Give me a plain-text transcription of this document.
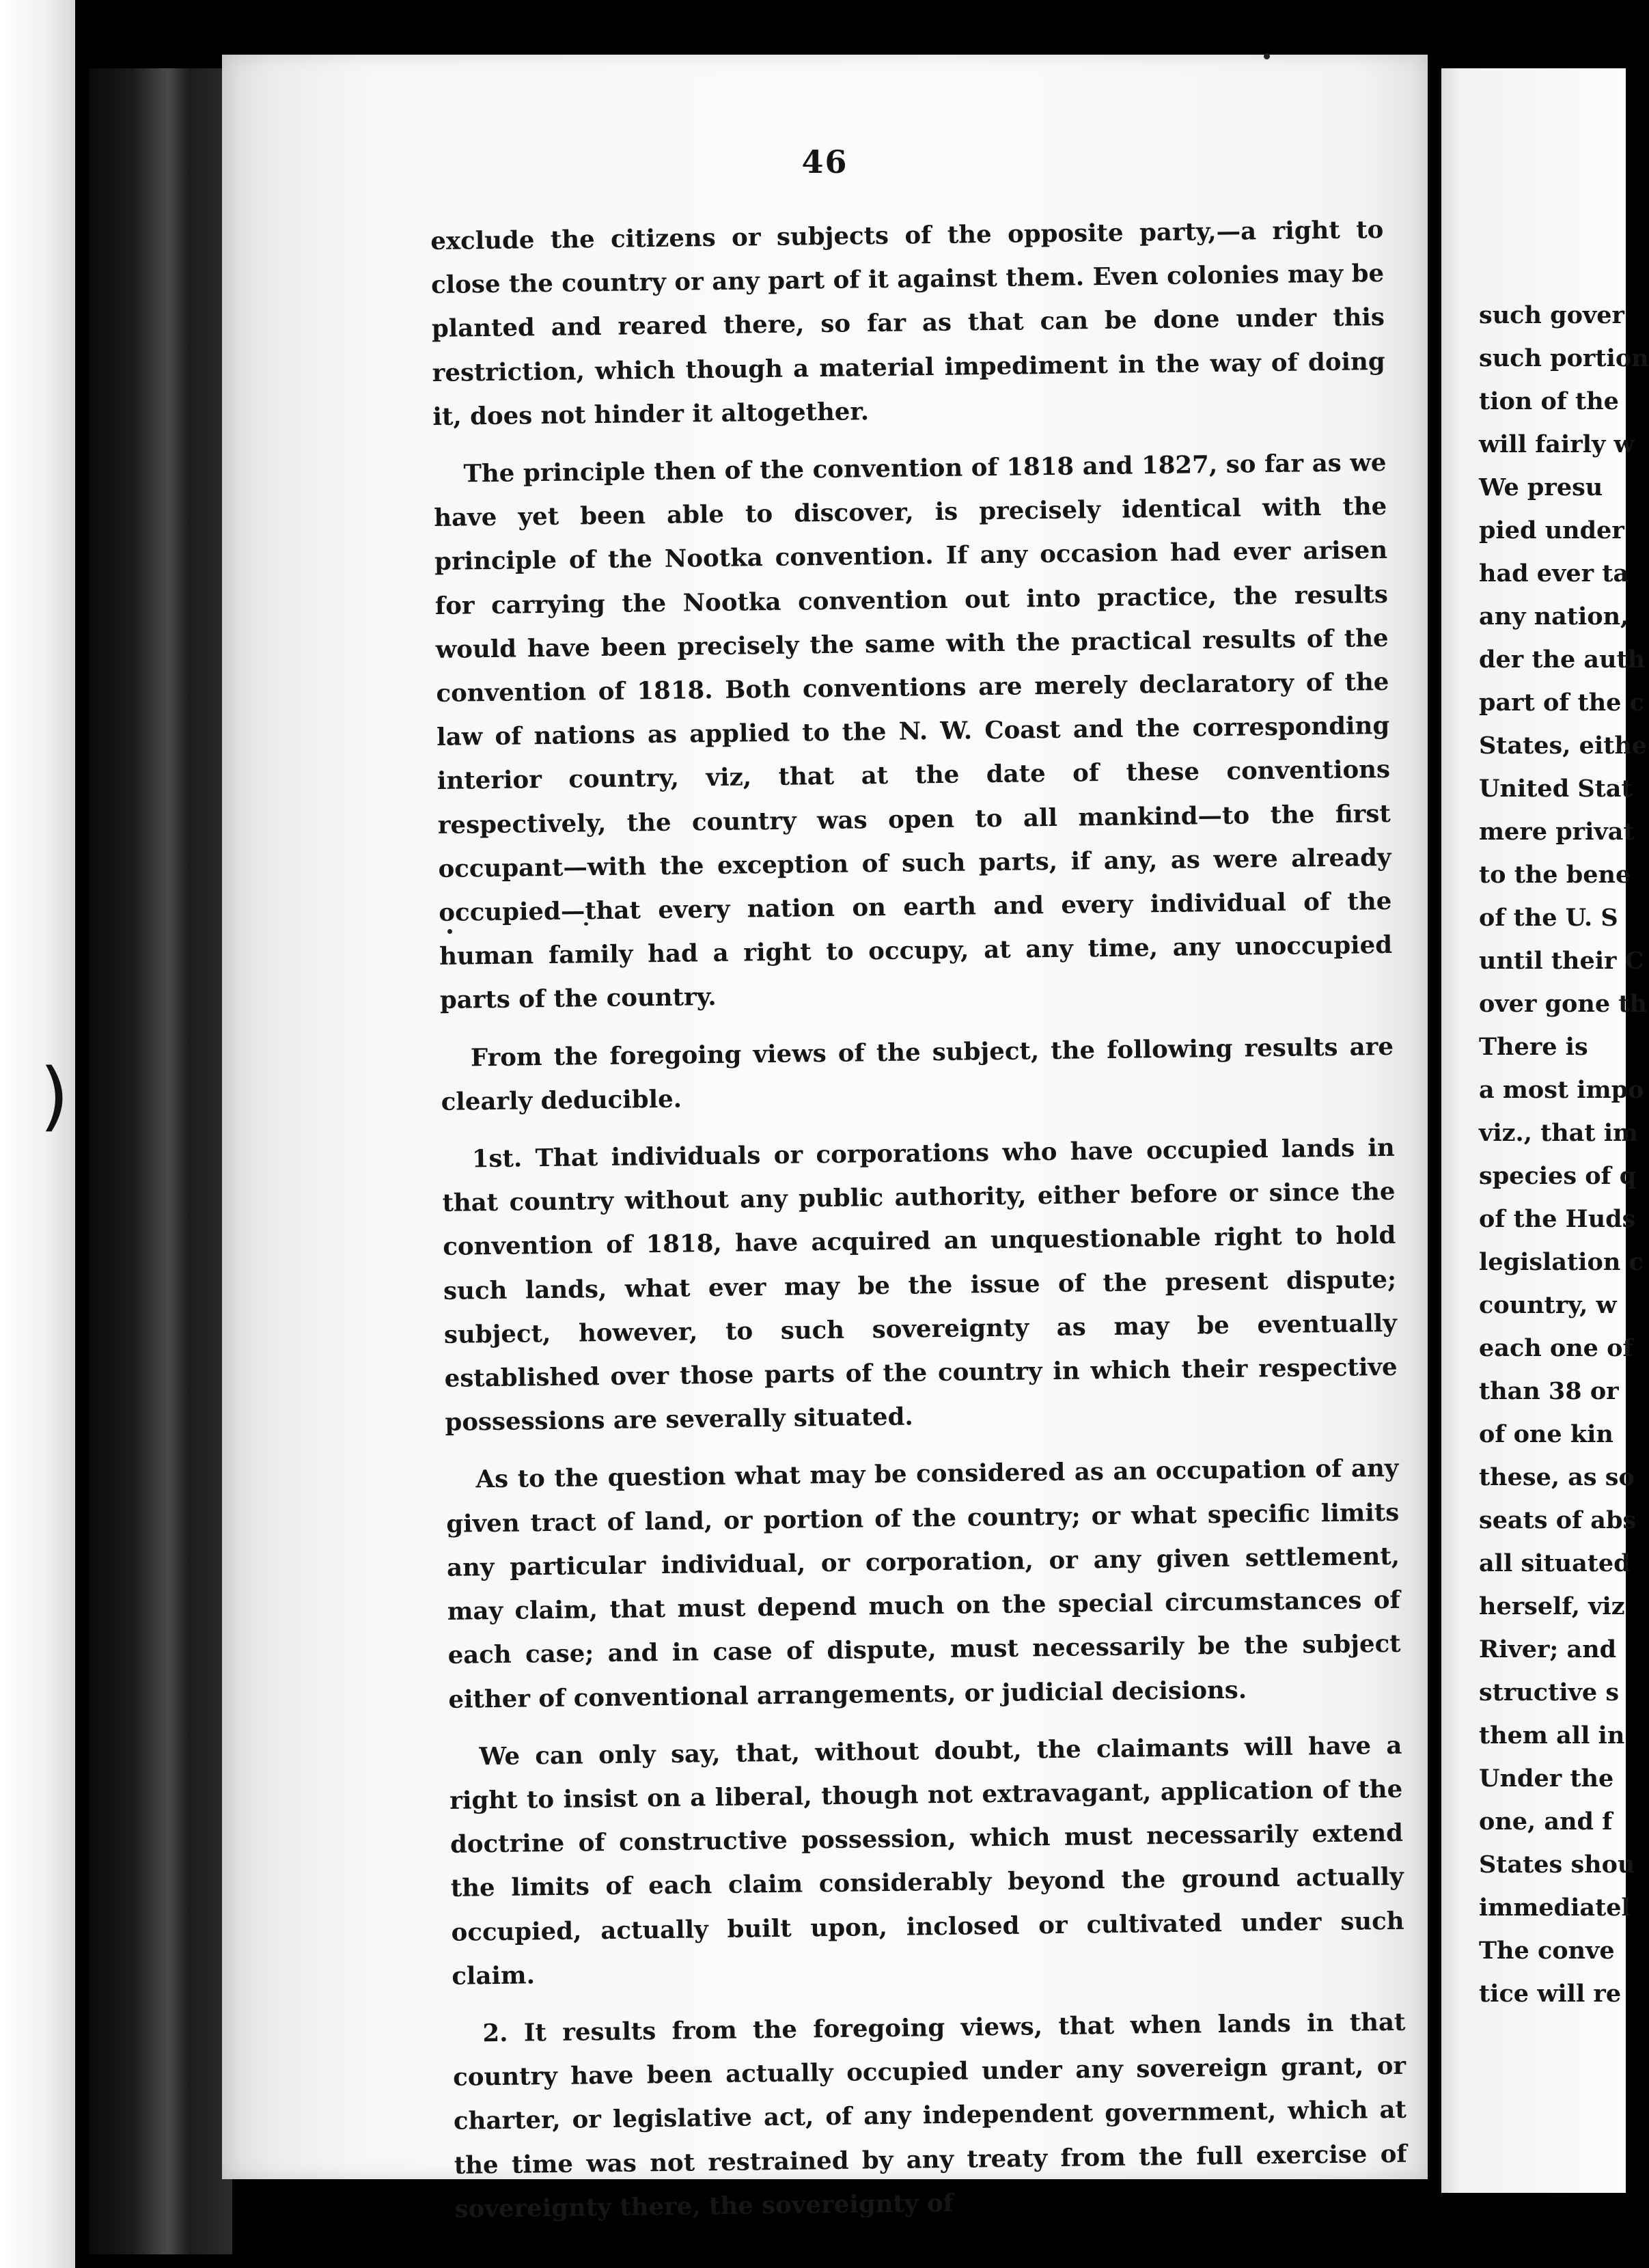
)
46

exclude the citizens or subjects of the opposite party,—a right to close the country or any part of it against them. Even colonies may be planted and reared there, so far as that can be done under this restriction, which though a material impediment in the way of doing it, does not hinder it altogether.

The principle then of the convention of 1818 and 1827, so far as we have yet been able to discover, is precisely identical with the principle of the Nootka convention. If any occasion had ever arisen for carrying the Nootka convention out into practice, the results would have been precisely the same with the practical results of the convention of 1818. Both conventions are merely declaratory of the law of nations as applied to the N. W. Coast and the corresponding interior country, viz, that at the date of these conventions respectively, the country was open to all mankind—to the first occupant—with the exception of such parts, if any, as were already occupied—that every nation on earth and every individual of the human family had a right to occupy, at any time, any unoccupied parts of the country.

From the foregoing views of the subject, the following results are clearly deducible.

1st. That individuals or corporations who have occupied lands in that country without any public authority, either before or since the convention of 1818, have acquired an unquestionable right to hold such lands, what ever may be the issue of the present dispute; subject, however, to such sovereignty as may be eventually established over those parts of the country in which their respective possessions are severally situated.

As to the question what may be considered as an occupation of any given tract of land, or portion of the country; or what specific limits any particular individual, or corporation, or any given settlement, may claim, that must depend much on the special circumstances of each case; and in case of dispute, must necessarily be the subject either of conventional arrangements, or judicial decisions.

We can only say, that, without doubt, the claimants will have a right to insist on a liberal, though not extravagant, application of the doctrine of constructive possession, which must necessarily extend the limits of each claim considerably beyond the ground actually occupied, actually built upon, inclosed or cultivated under such claim.

2. It results from the foregoing views, that when lands in that country have been actually occupied under any sovereign grant, or charter, or legislative act, of any independent government, which at the time was not restrained by any treaty from the full exercise of sovereignty there, the sovereignty of

such gover
such portion
tion of the
will fairly w
We presu
pied under
had ever ta
any nation,
der the auth
part of the c
States, eithe
United Stat
mere privat
to the bene
of the U. S
until their C
over gone th
There is
a most impo
viz., that im
species of q
of the Huds
legislation c
country, w
each one of
than 38 or
of one kin
these, as so
seats of abs
all situated
herself, viz
River; and
structive s
them all in
Under the
one, and f
States shou
immediatel
The conve
tice will re
